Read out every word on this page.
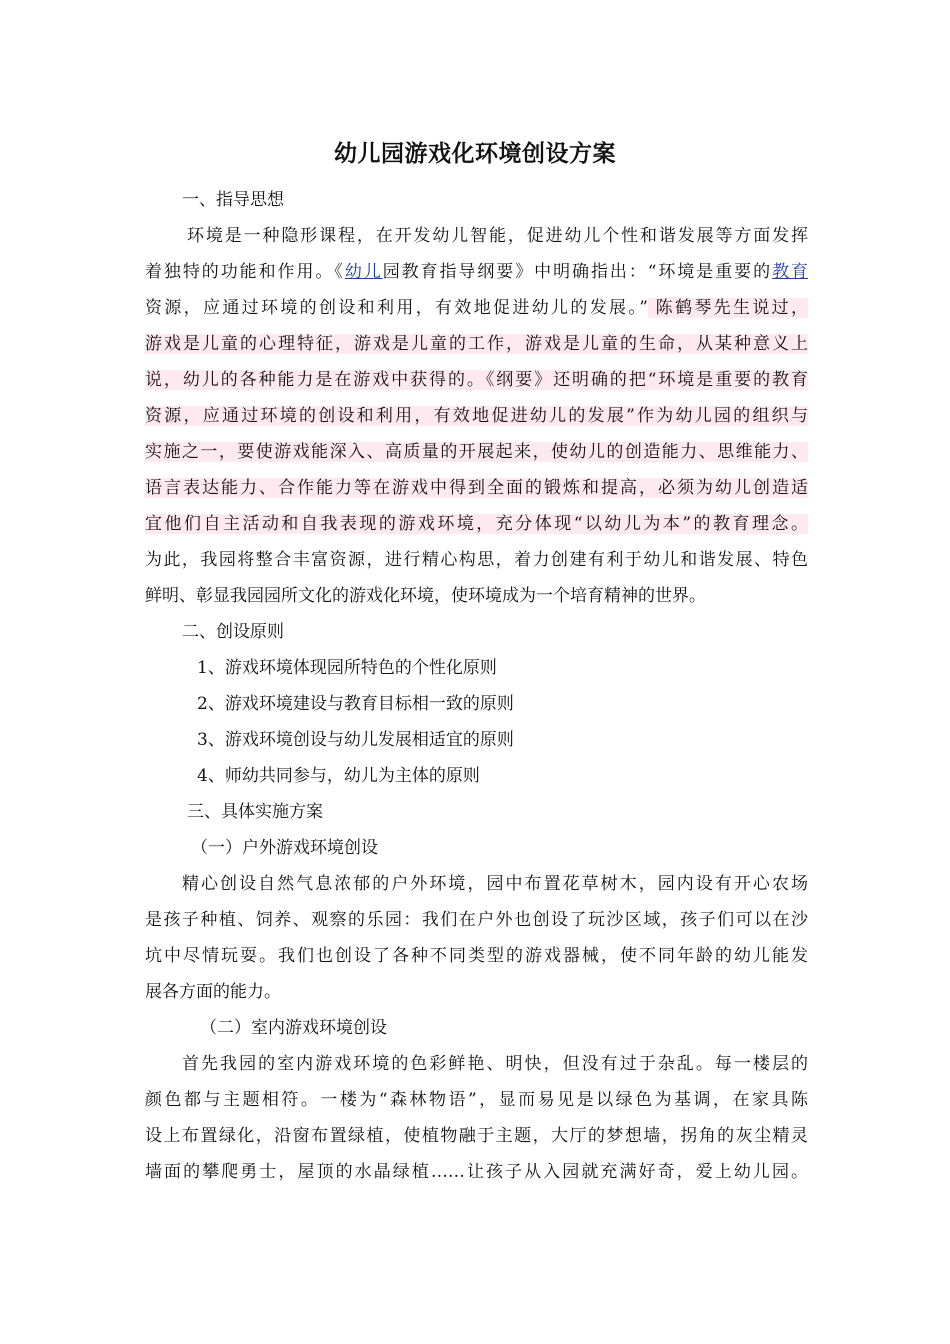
幼儿园游戏化环境创设方案
一、指导思想
环境是一种隐形课程，在开发幼儿智能，促进幼儿个性和谐发展等方面发挥
着独特的功能和作用。《幼儿园教育指导纲要》中明确指出：“环境是重要的教育
资源，应通过环境的创设和利用，有效地促进幼儿的发展。” 陈鹤琴先生说过，
游戏是儿童的心理特征，游戏是儿童的工作，游戏是儿童的生命，从某种意义上
说，幼儿的各种能力是在游戏中获得的。《纲要》还明确的把“环境是重要的教育
资源，应通过环境的创设和利用，有效地促进幼儿的发展”作为幼儿园的组织与
实施之一，要使游戏能深入、高质量的开展起来，使幼儿的创造能力、思维能力、
语言表达能力、合作能力等在游戏中得到全面的锻炼和提高，必须为幼儿创造适
宜他们自主活动和自我表现的游戏环境，充分体现“以幼儿为本”的教育理念。
为此，我园将整合丰富资源，进行精心构思，着力创建有利于幼儿和谐发展、特色
鲜明、彰显我园园所文化的游戏化环境，使环境成为一个培育精神的世界。
二、创设原则
1、游戏环境体现园所特色的个性化原则
2、游戏环境建设与教育目标相一致的原则
3、游戏环境创设与幼儿发展相适宜的原则
4、师幼共同参与，幼儿为主体的原则
三、具体实施方案
（一）户外游戏环境创设
精心创设自然气息浓郁的户外环境，园中布置花草树木，园内设有开心农场
是孩子种植、饲养、观察的乐园：我们在户外也创设了玩沙区域，孩子们可以在沙
坑中尽情玩耍。我们也创设了各种不同类型的游戏器械，使不同年龄的幼儿能发
展各方面的能力。
（二）室内游戏环境创设
首先我园的室内游戏环境的色彩鲜艳、明快，但没有过于杂乱。每一楼层的
颜色都与主题相符。一楼为“森林物语”，显而易见是以绿色为基调，在家具陈
设上布置绿化，沿窗布置绿植，使植物融于主题，大厅的梦想墙，拐角的灰尘精灵
墙面的攀爬勇士，屋顶的水晶绿植……让孩子从入园就充满好奇，爱上幼儿园。
